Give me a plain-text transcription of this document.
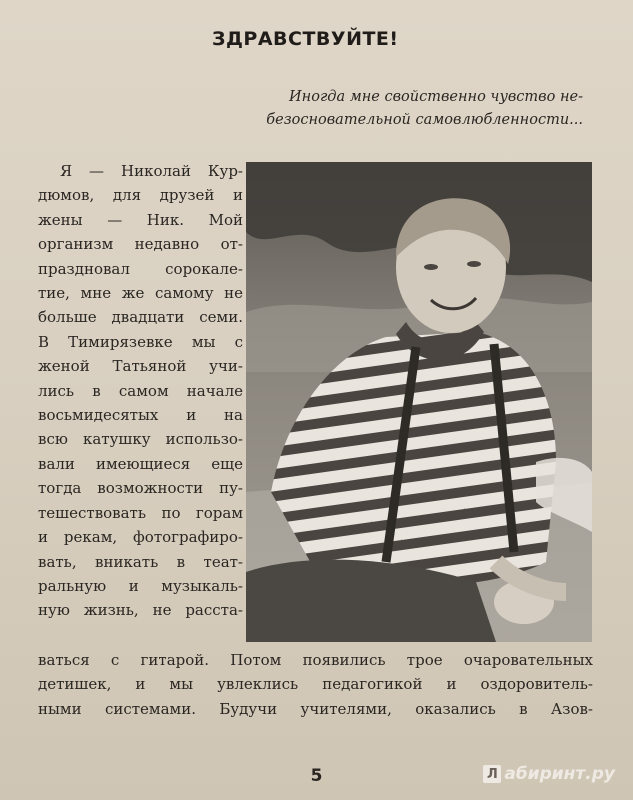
ЗДРАВСТВУЙТЕ!
Иногда мне свойственно чувство не-
безосновательной самовлюбленности...
Я — Николай Кур-
дюмов, для друзей и
жены — Ник. Мой
организм недавно от-
праздновал сорокале-
тие, мне же самому не
больше двадцати семи.
В Тимирязевке мы с
женой Татьяной учи-
лись в самом начале
восьмидесятых и на
всю катушку использо-
вали имеющиеся еще
тогда возможности пу-
тешествовать по горам
и рекам, фотографиро-
вать, вникать в теат-
ральную и музыкаль-
ную жизнь, не расста-
ваться с гитарой. Потом появились трое очаровательных
детишек, и мы увлеклись педагогикой и оздоровитель-
ными системами. Будучи учителями, оказались в Азов-
5	Л абиринт.ру
